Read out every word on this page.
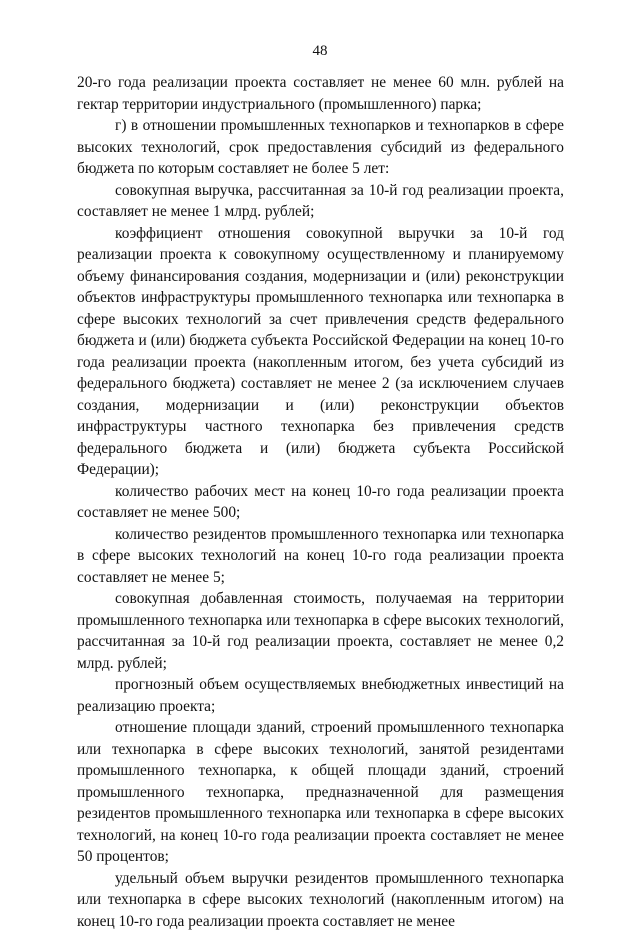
48

20-го года реализации проекта составляет не менее 60 млн. рублей на гектар территории индустриального (промышленного) парка;

г) в отношении промышленных технопарков и технопарков в сфере высоких технологий, срок предоставления субсидий из федерального бюджета по которым составляет не более 5 лет:

совокупная выручка, рассчитанная за 10-й год реализации проекта, составляет не менее 1 млрд. рублей;

коэффициент отношения совокупной выручки за 10-й год реализации проекта к совокупному осуществленному и планируемому объему финансирования создания, модернизации и (или) реконструкции объектов инфраструктуры промышленного технопарка или технопарка в сфере высоких технологий за счет привлечения средств федерального бюджета и (или) бюджета субъекта Российской Федерации на конец 10-го года реализации проекта (накопленным итогом, без учета субсидий из федерального бюджета) составляет не менее 2 (за исключением случаев создания, модернизации и (или) реконструкции объектов инфраструктуры частного технопарка без привлечения средств федерального бюджета и (или) бюджета субъекта Российской Федерации);

количество рабочих мест на конец 10-го года реализации проекта составляет не менее 500;

количество резидентов промышленного технопарка или технопарка в сфере высоких технологий на конец 10-го года реализации проекта составляет не менее 5;

совокупная добавленная стоимость, получаемая на территории промышленного технопарка или технопарка в сфере высоких технологий, рассчитанная за 10-й год реализации проекта, составляет не менее 0,2 млрд. рублей;

прогнозный объем осуществляемых внебюджетных инвестиций на реализацию проекта;

отношение площади зданий, строений промышленного технопарка или технопарка в сфере высоких технологий, занятой резидентами промышленного технопарка, к общей площади зданий, строений промышленного технопарка, предназначенной для размещения резидентов промышленного технопарка или технопарка в сфере высоких технологий, на конец 10-го года реализации проекта составляет не менее 50 процентов;

удельный объем выручки резидентов промышленного технопарка или технопарка в сфере высоких технологий (накопленным итогом) на конец 10-го года реализации проекта составляет не менее
